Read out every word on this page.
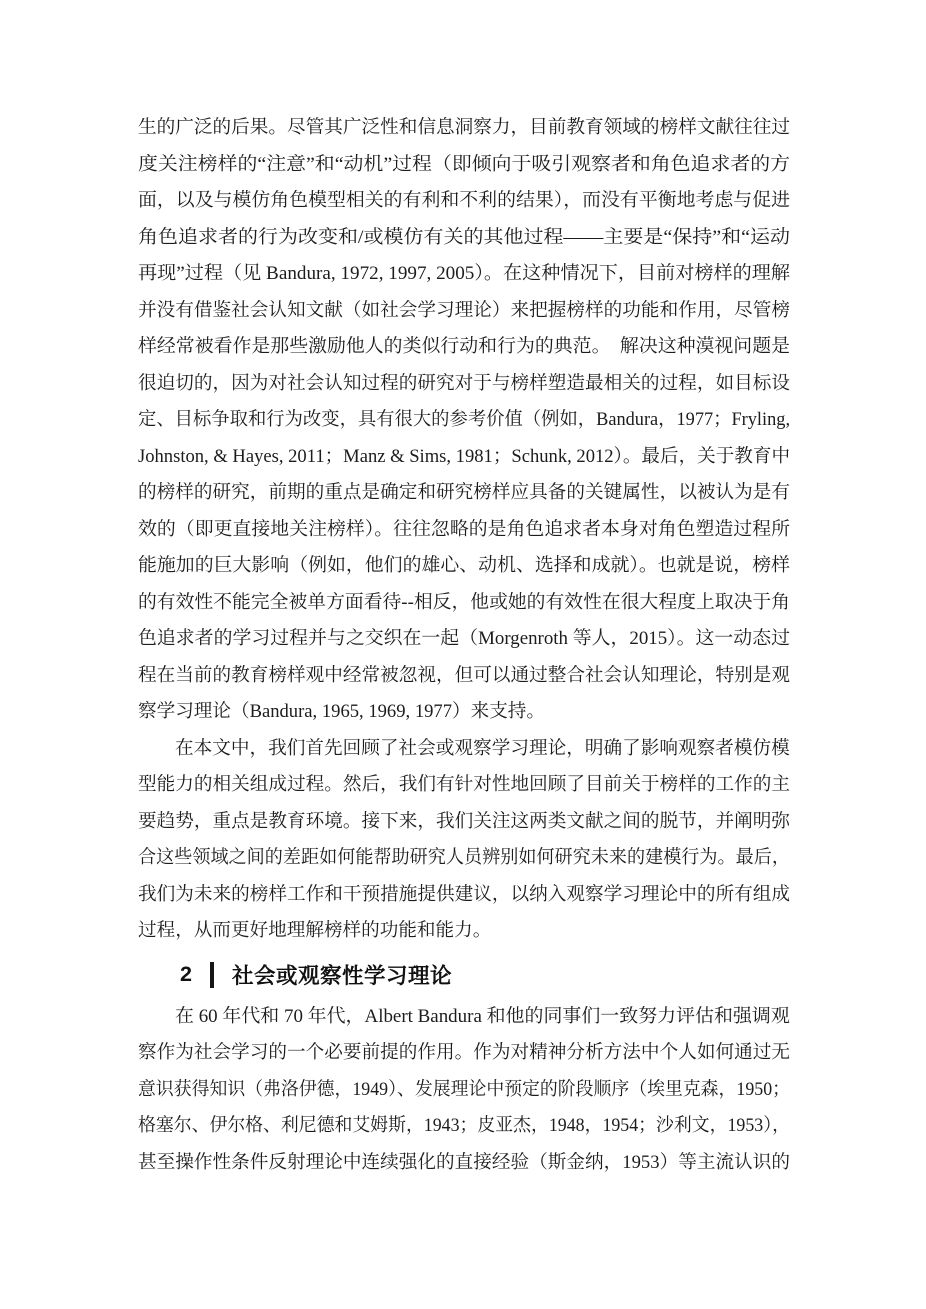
生的广泛的后果。尽管其广泛性和信息洞察力，目前教育领域的榜样文献往往过
度关注榜样的“注意”和“动机”过程（即倾向于吸引观察者和角色追求者的方
面，以及与模仿角色模型相关的有利和不利的结果），而没有平衡地考虑与促进
角色追求者的行为改变和/或模仿有关的其他过程——主要是“保持”和“运动
再现”过程（见 Bandura, 1972, 1997, 2005）。在这种情况下，目前对榜样的理解
并没有借鉴社会认知文献（如社会学习理论）来把握榜样的功能和作用，尽管榜
样经常被看作是那些激励他人的类似行动和行为的典范。　解决这种漠视问题是
很迫切的，因为对社会认知过程的研究对于与榜样塑造最相关的过程，如目标设
定、目标争取和行为改变，具有很大的参考价值（例如，Bandura，1977；Fryling,
Johnston, & Hayes, 2011；Manz & Sims, 1981；Schunk, 2012）。最后，关于教育中
的榜样的研究，前期的重点是确定和研究榜样应具备的关键属性，以被认为是有
效的（即更直接地关注榜样）。往往忽略的是角色追求者本身对角色塑造过程所
能施加的巨大影响（例如，他们的雄心、动机、选择和成就）。也就是说，榜样
的有效性不能完全被单方面看待--相反，他或她的有效性在很大程度上取决于角
色追求者的学习过程并与之交织在一起（Morgenroth 等人，2015）。这一动态过
程在当前的教育榜样观中经常被忽视，但可以通过整合社会认知理论，特别是观
察学习理论（Bandura, 1965, 1969, 1977）来支持。
在本文中，我们首先回顾了社会或观察学习理论，明确了影响观察者模仿模
型能力的相关组成过程。然后，我们有针对性地回顾了目前关于榜样的工作的主
要趋势，重点是教育环境。接下来，我们关注这两类文献之间的脱节，并阐明弥
合这些领域之间的差距如何能帮助研究人员辨别如何研究未来的建模行为。最后，
我们为未来的榜样工作和干预措施提供建议，以纳入观察学习理论中的所有组成
过程，从而更好地理解榜样的功能和能力。
2 社会或观察性学习理论
在 60 年代和 70 年代，Albert Bandura 和他的同事们一致努力评估和强调观
察作为社会学习的一个必要前提的作用。作为对精神分析方法中个人如何通过无
意识获得知识（弗洛伊德，1949）、发展理论中预定的阶段顺序（埃里克森，1950；
格塞尔、伊尔格、利尼德和艾姆斯，1943；皮亚杰，1948，1954；沙利文，1953），
甚至操作性条件反射理论中连续强化的直接经验（斯金纳，1953）等主流认识的
